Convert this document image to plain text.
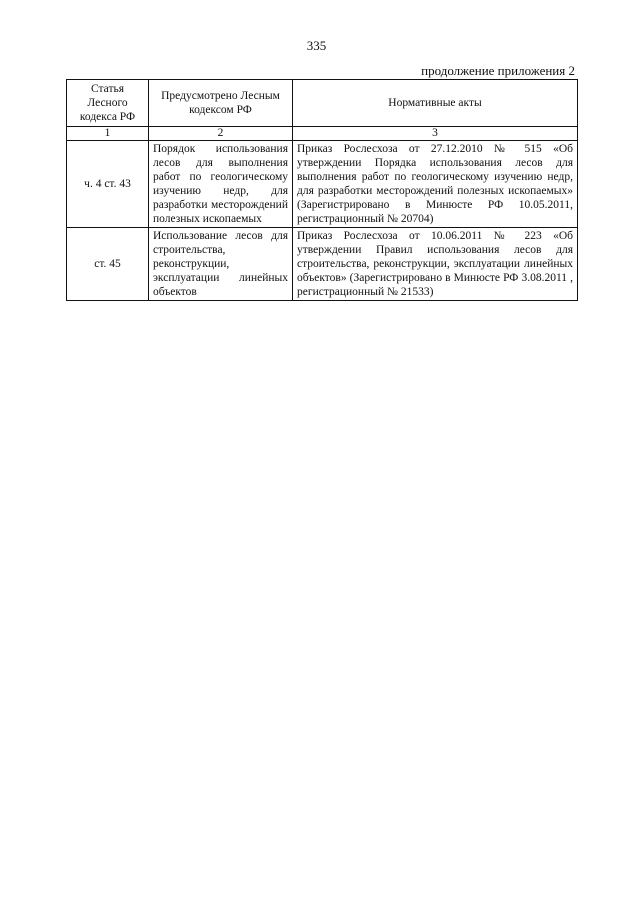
335
продолжение приложения 2
Статья Лесного кодекса РФ	Предусмотрено Лесным кодексом РФ	Нормативные акты
1	2	3
ч. 4 ст. 43	Порядок использования лесов для выполнения работ по геологическому изучению недр, для разработки месторождений полезных ископаемых	Приказ Рослесхоза от 27.12.2010 № 515 «Об утверждении Порядка использования лесов для выполнения работ по геологическому изучению недр, для разработки месторождений полезных ископаемых» (Зарегистрировано в Минюсте РФ 10.05.2011, регистрационный № 20704)
ст. 45	Использование лесов для строительства, реконструкции, эксплуатации линейных объектов	Приказ Рослесхоза от 10.06.2011 № 223 «Об утверждении Правил использования лесов для строительства, реконструкции, эксплуатации линейных объектов» (Зарегистрировано в Минюсте РФ 3.08.2011 , регистрационный № 21533)
